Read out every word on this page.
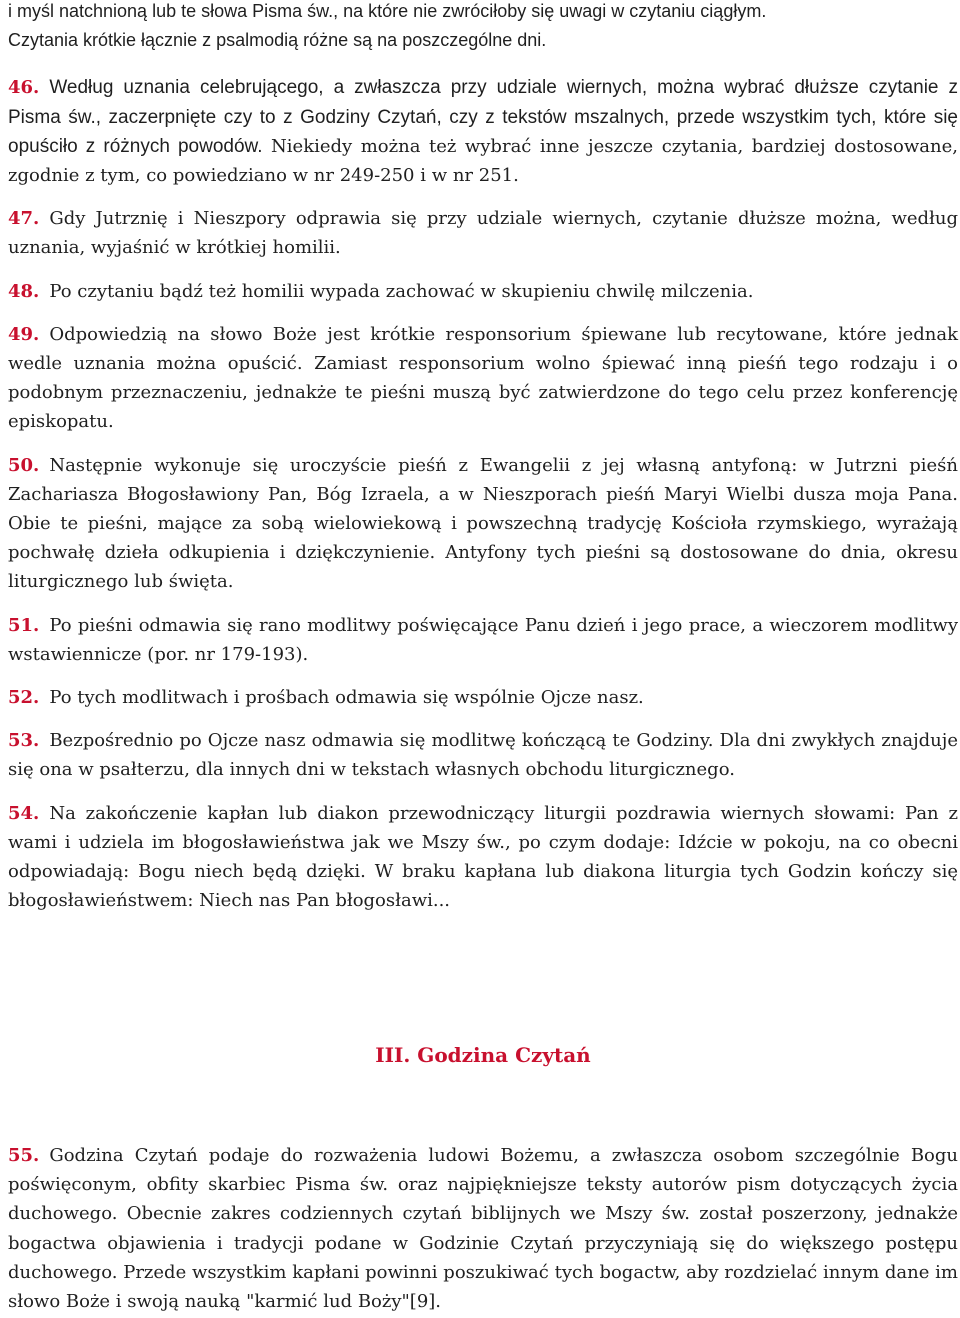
i myśl natchnioną lub te słowa Pisma św., na które nie zwróciłoby się uwagi w czytaniu ciągłym.
Czytania krótkie łącznie z psalmodią różne są na poszczególne dni.

46. Według uznania celebrującego, a zwłaszcza przy udziale wiernych, można wybrać dłuższe czytanie z Pisma św., zaczerpnięte czy to z Godziny Czytań, czy z tekstów mszalnych, przede wszystkim tych, które się opuściło z różnych powodów. Niekiedy można też wybrać inne jeszcze czytania, bardziej dostosowane, zgodnie z tym, co powiedziano w nr 249-250 i w nr 251.

47. Gdy Jutrznię i Nieszpory odprawia się przy udziale wiernych, czytanie dłuższe można, według uznania, wyjaśnić w krótkiej homilii.

48. Po czytaniu bądź też homilii wypada zachować w skupieniu chwilę milczenia.

49. Odpowiedzią na słowo Boże jest krótkie responsorium śpiewane lub recytowane, które jednak wedle uznania można opuścić. Zamiast responsorium wolno śpiewać inną pieśń tego rodzaju i o podobnym przeznaczeniu, jednakże te pieśni muszą być zatwierdzone do tego celu przez konferencję episkopatu.

50. Następnie wykonuje się uroczyście pieśń z Ewangelii z jej własną antyfoną: w Jutrzni pieśń Zachariasza Błogosławiony Pan, Bóg Izraela, a w Nieszporach pieśń Maryi Wielbi dusza moja Pana. Obie te pieśni, mające za sobą wielowiekową i powszechną tradycję Kościoła rzymskiego, wyrażają pochwałę dzieła odkupienia i dziękczynienie. Antyfony tych pieśni są dostosowane do dnia, okresu liturgicznego lub święta.

51. Po pieśni odmawia się rano modlitwy poświęcające Panu dzień i jego prace, a wieczorem modlitwy wstawiennicze (por. nr 179-193).

52. Po tych modlitwach i prośbach odmawia się wspólnie Ojcze nasz.

53. Bezpośrednio po Ojcze nasz odmawia się modlitwę kończącą te Godziny. Dla dni zwykłych znajduje się ona w psałterzu, dla innych dni w tekstach własnych obchodu liturgicznego.

54. Na zakończenie kapłan lub diakon przewodniczący liturgii pozdrawia wiernych słowami: Pan z wami i udziela im błogosławieństwa jak we Mszy św., po czym dodaje: Idźcie w pokoju, na co obecni odpowiadają: Bogu niech będą dzięki. W braku kapłana lub diakona liturgia tych Godzin kończy się błogosławieństwem: Niech nas Pan błogosławi...

III. Godzina Czytań

55. Godzina Czytań podaje do rozważenia ludowi Bożemu, a zwłaszcza osobom szczególnie Bogu poświęconym, obfity skarbiec Pisma św. oraz najpiękniejsze teksty autorów pism dotyczących życia duchowego. Obecnie zakres codziennych czytań biblijnych we Mszy św. został poszerzony, jednakże bogactwa objawienia i tradycji podane w Godzinie Czytań przyczyniają się do większego postępu duchowego. Przede wszystkim kapłani powinni poszukiwać tych bogactw, aby rozdzielać innym dane im słowo Boże i swoją nauką "karmić lud Boży"[9].
